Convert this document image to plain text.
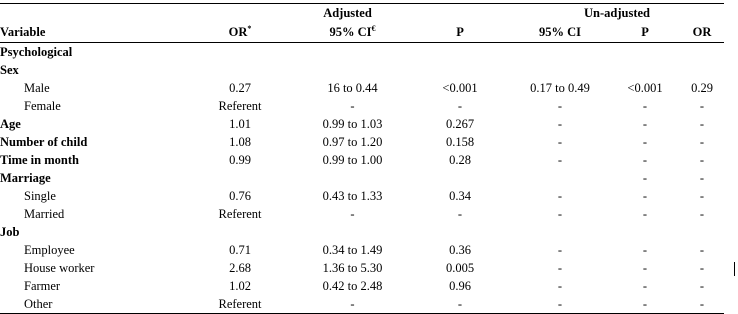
	Adjusted			Un-adjusted		
Variable	OR*	95% CI€	P	95% CI	P	OR
Psychological						
Sex						
Male	0.27	16 to 0.44	<0.001	0.17 to 0.49	<0.001	0.29
Female	Referent	-	-	-	-	-
Age	1.01	0.99 to 1.03	0.267	-	-	-
Number of child	1.08	0.97 to 1.20	0.158	-	-	-
Time in month	0.99	0.99 to 1.00	0.28	-	-	-
Marriage					-	-
Single	0.76	0.43 to 1.33	0.34	-	-	-
Married	Referent	-	-	-	-	-
Job						
Employee	0.71	0.34 to 1.49	0.36	-	-	-
House worker	2.68	1.36 to 5.30	0.005	-	-	-
Farmer	1.02	0.42 to 2.48	0.96	-	-	-
Other	Referent	-	-	-	-	-
